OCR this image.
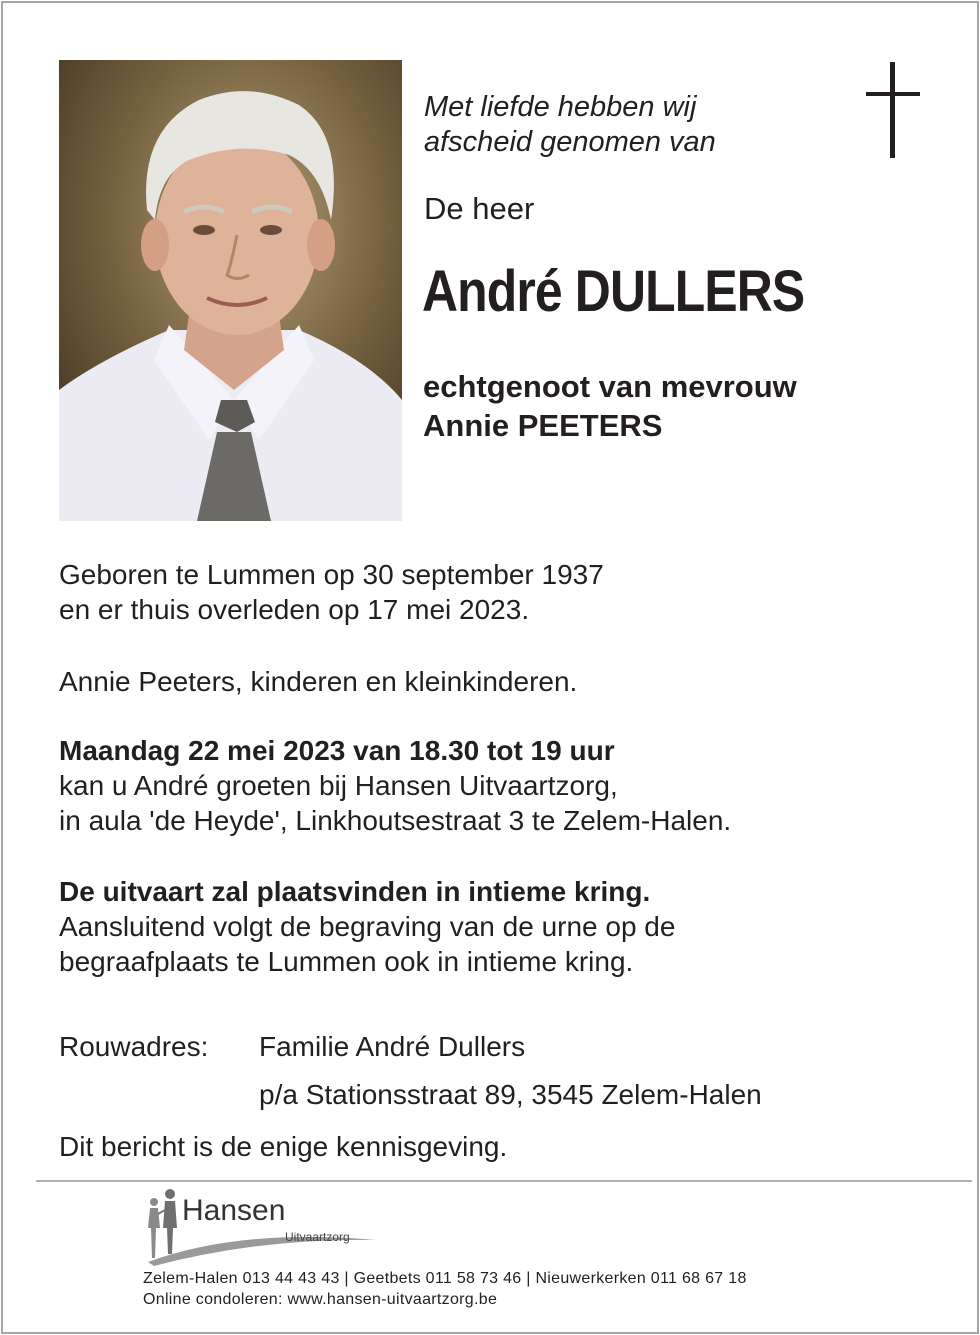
Met liefde hebben wij
afscheid genomen van
De heer
André DULLERS
echtgenoot van mevrouw
Annie PEETERS
Geboren te Lummen op 30 september 1937
en er thuis overleden op 17 mei 2023.
Annie Peeters, kinderen en kleinkinderen.
Maandag 22 mei 2023 van 18.30 tot 19 uur
kan u André groeten bij Hansen Uitvaartzorg,
in aula 'de Heyde', Linkhoutsestraat 3 te Zelem-Halen.
De uitvaart zal plaatsvinden in intieme kring.
Aansluitend volgt de begraving van de urne op de
begraafplaats te Lummen ook in intieme kring.
Rouwadres: Familie André Dullers
p/a Stationsstraat 89, 3545 Zelem-Halen
Dit bericht is de enige kennisgeving.
Hansen
Uitvaartzorg
Zelem-Halen 013 44 43 43 | Geetbets 011 58 73 46 | Nieuwerkerken 011 68 67 18
Online condoleren: www.hansen-uitvaartzorg.be
